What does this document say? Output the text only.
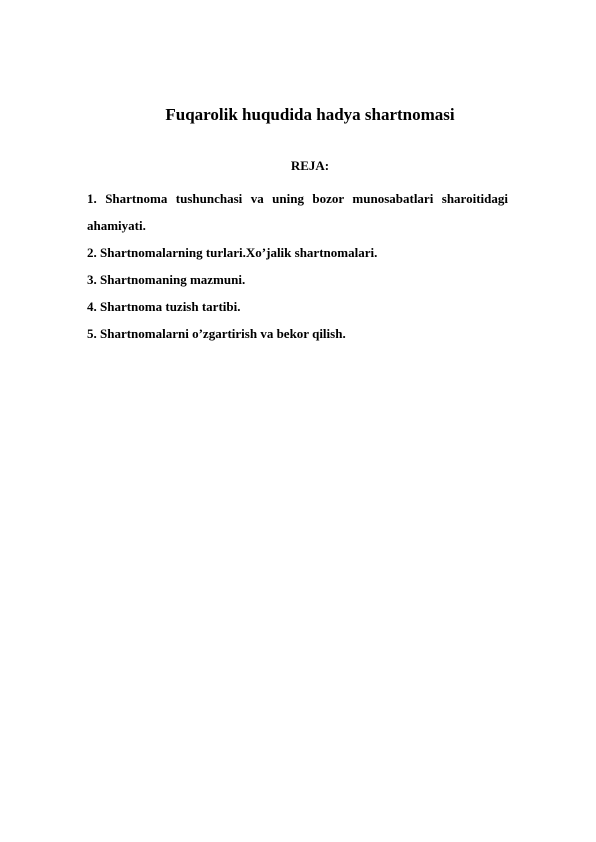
Fuqarolik huqudida hadya shartnomasi

REJA:

1. Shartnoma tushunchasi va uning bozor munosabatlari sharoitidagi ahamiyati.
2. Shartnomalarning turlari.Xo’jalik shartnomalari.
3. Shartnomaning mazmuni.
4. Shartnoma tuzish tartibi.
5. Shartnomalarni o’zgartirish va bekor qilish.
